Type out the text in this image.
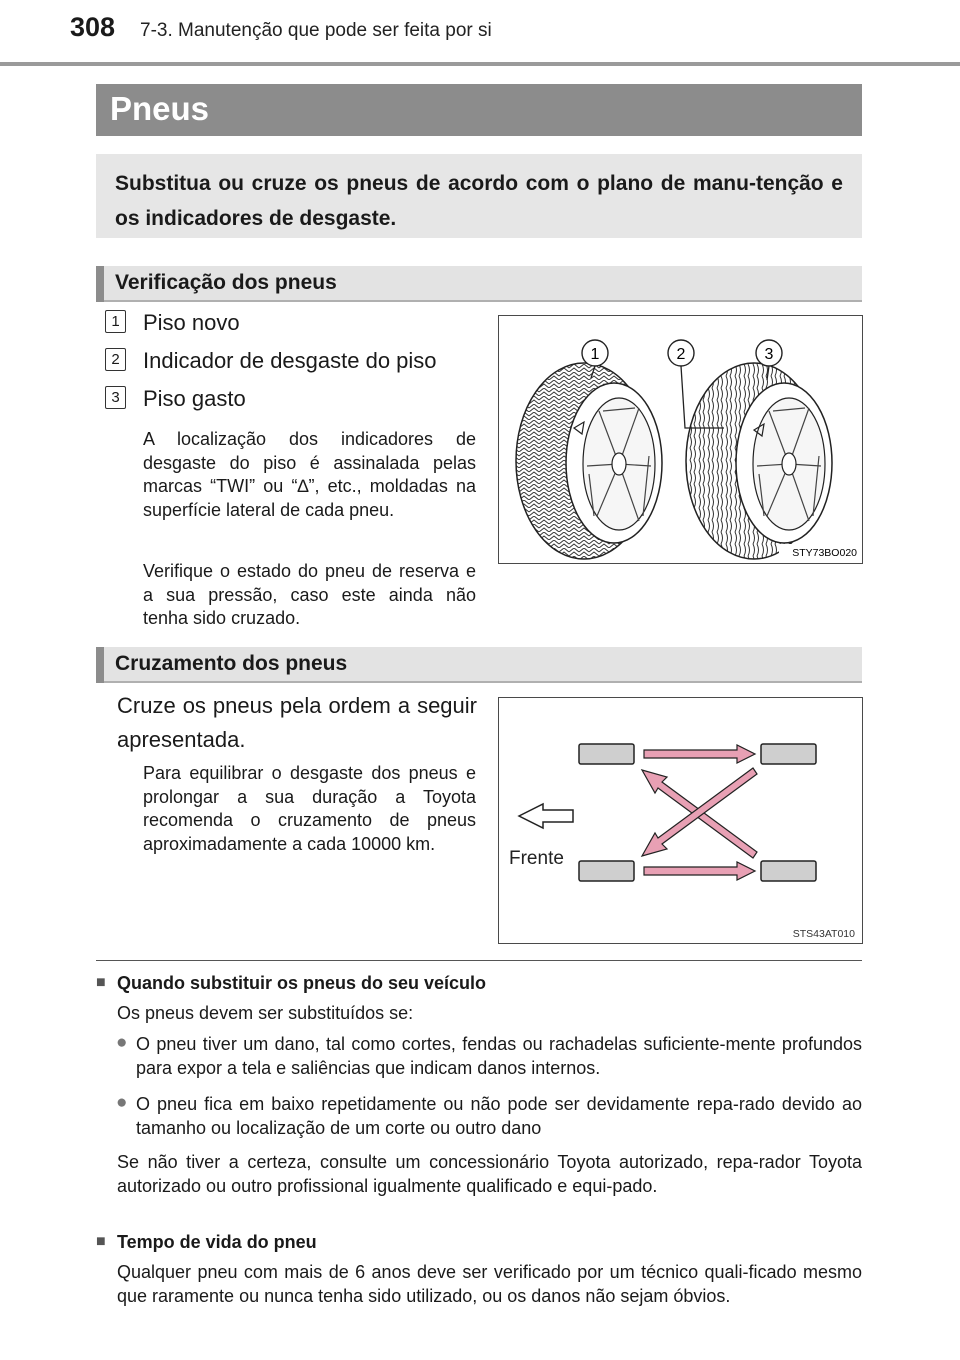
308 7-3. Manutenção que pode ser feita por si
Pneus
Substitua ou cruze os pneus de acordo com o plano de manu-tenção e os indicadores de desgaste.
Verificação dos pneus
1 Piso novo
2 Indicador de desgaste do piso
3 Piso gasto
A localização dos indicadores de desgaste do piso é assinalada pelas marcas “TWI” ou “∆”, etc., moldadas na superfície lateral de cada pneu.
Verifique o estado do pneu de reserva e a sua pressão, caso este ainda não tenha sido cruzado.
1	2	3
STY73BO020
Cruzamento dos pneus
Cruze os pneus pela ordem a seguir apresentada.
Para equilibrar o desgaste dos pneus e prolongar a sua duração a Toyota recomenda o cruzamento de pneus aproximadamente a cada 10000 km.
Frente
STS43AT010
■ Quando substituir os pneus do seu veículo
Os pneus devem ser substituídos se:
● O pneu tiver um dano, tal como cortes, fendas ou rachadelas suficiente-mente profundos para expor a tela e saliências que indicam danos internos.
● O pneu fica em baixo repetidamente ou não pode ser devidamente repa-rado devido ao tamanho ou localização de um corte ou outro dano
Se não tiver a certeza, consulte um concessionário Toyota autorizado, repa-rador Toyota autorizado ou outro profissional igualmente qualificado e equi-pado.
■ Tempo de vida do pneu
Qualquer pneu com mais de 6 anos deve ser verificado por um técnico quali-ficado mesmo que raramente ou nunca tenha sido utilizado, ou os danos não sejam óbvios.
